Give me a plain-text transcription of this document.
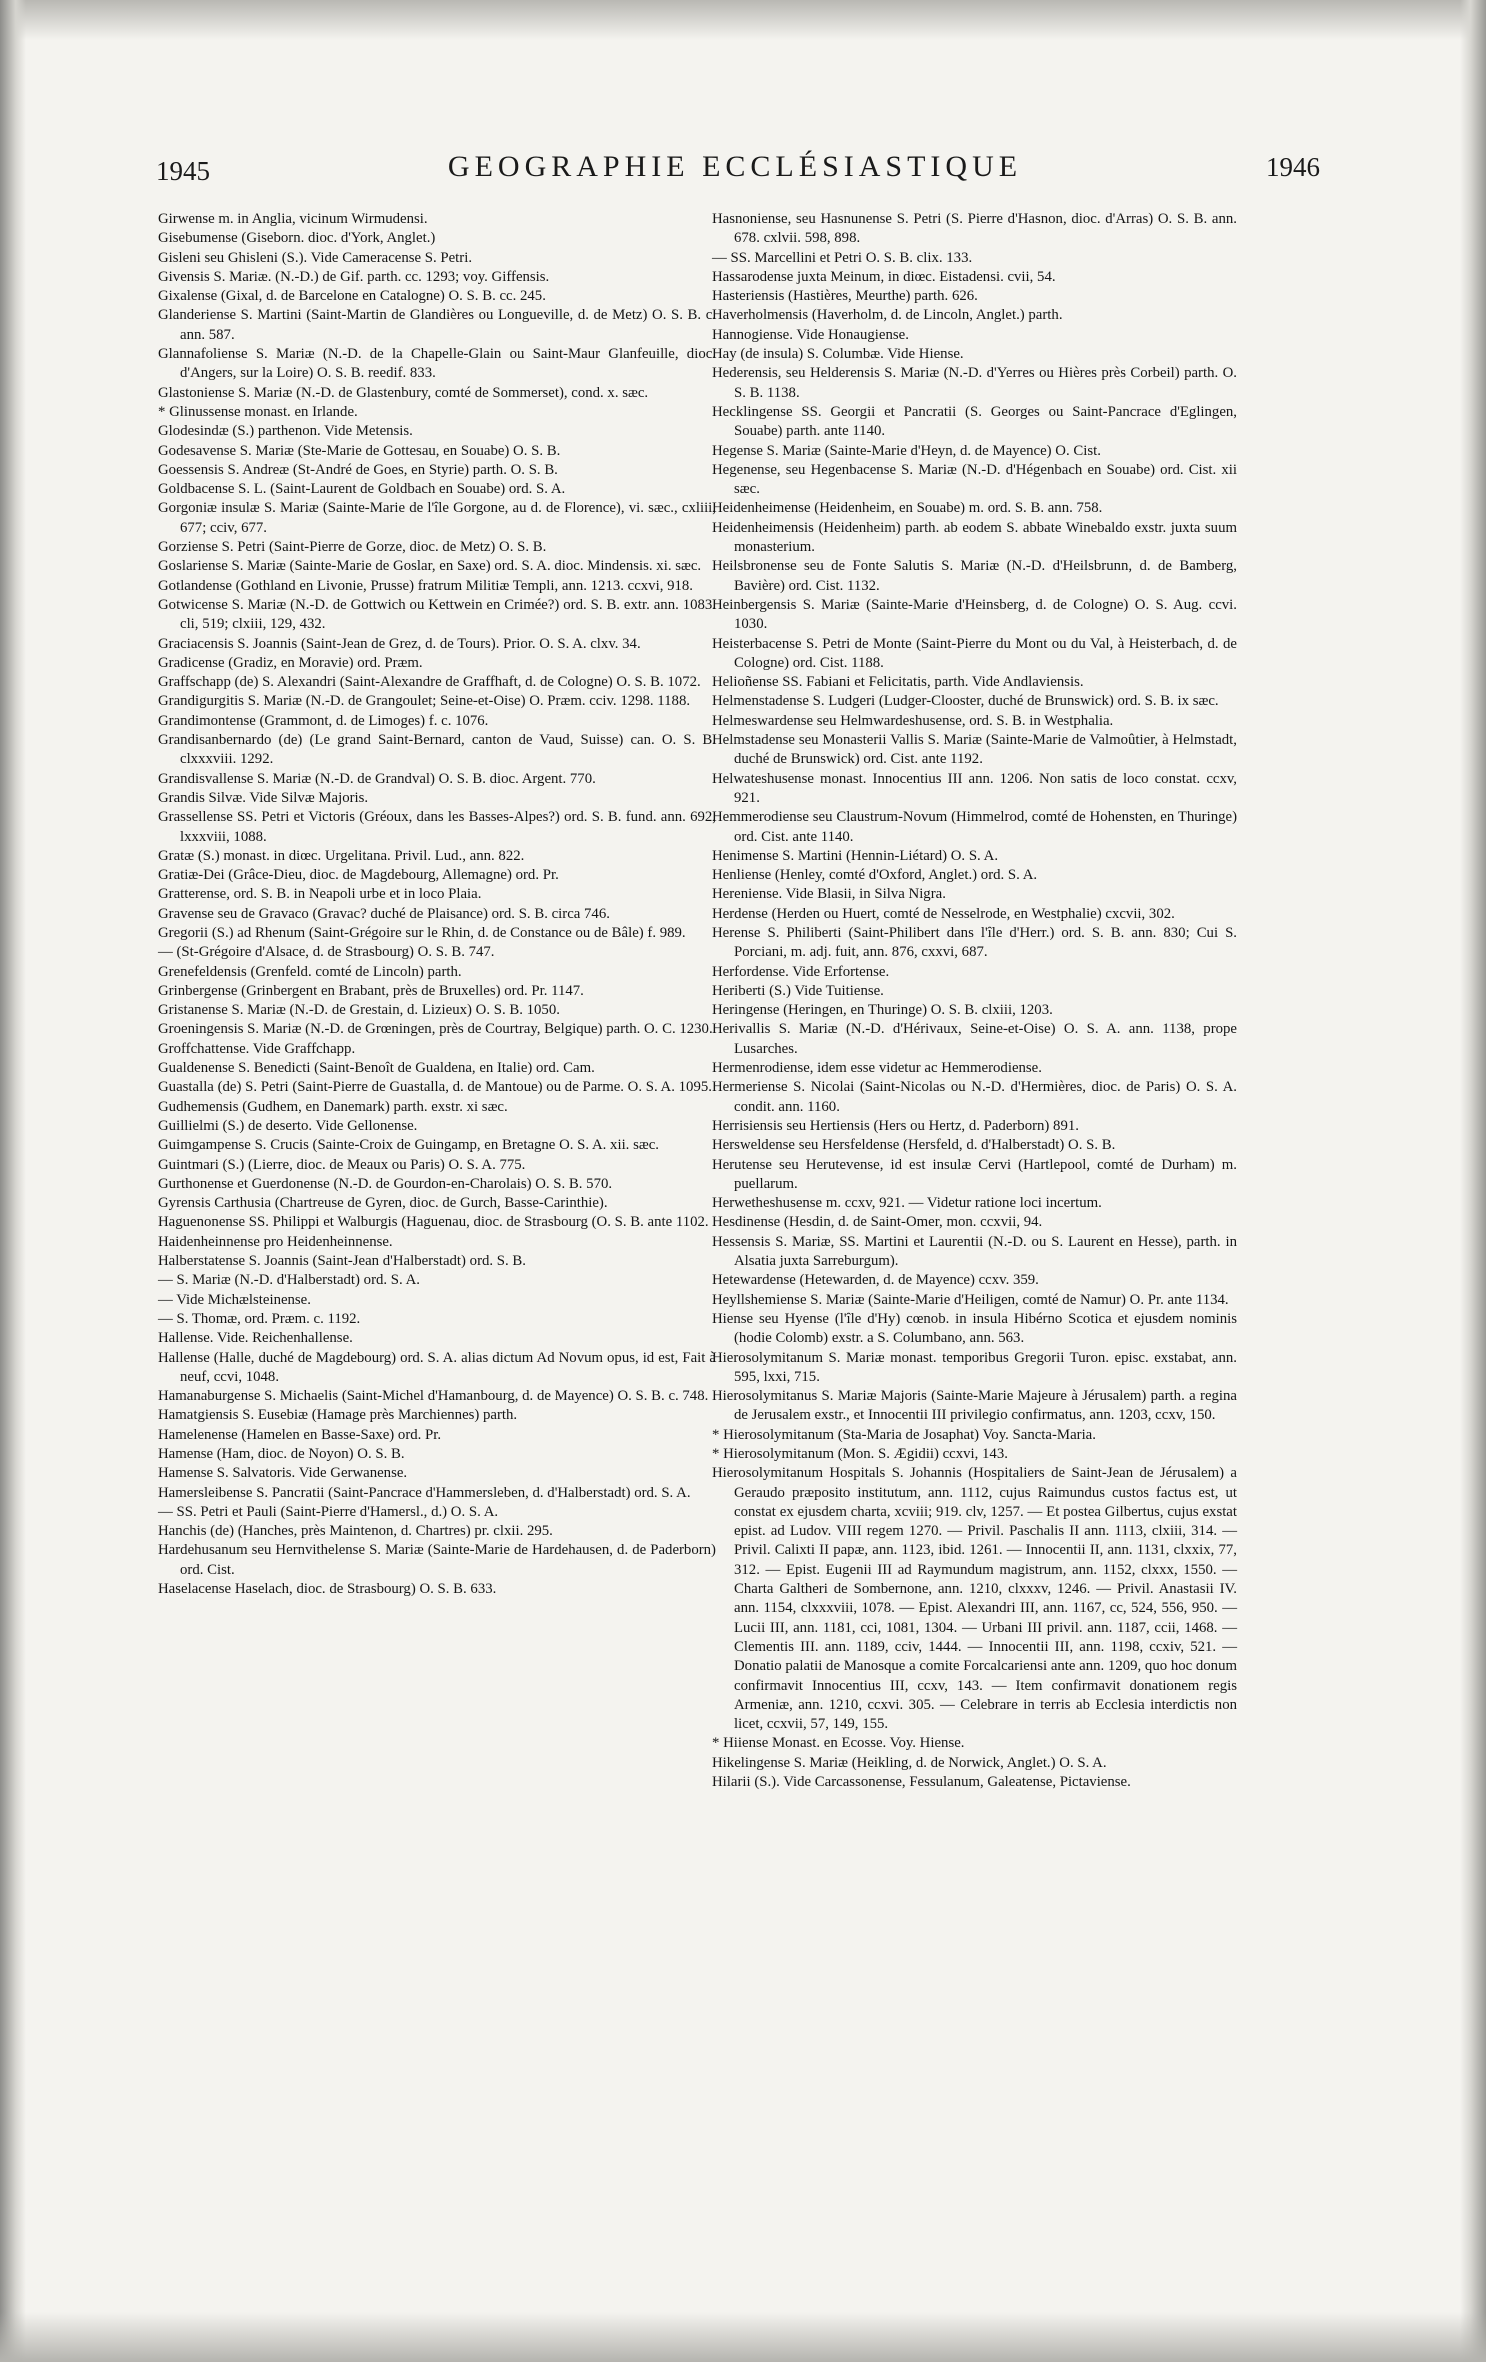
1945	GEOGRAPHIE ECCLÉSIASTIQUE	1946

Girwense m. in Anglia, vicinum Wirmudensi.

Gisebumense (Giseborn. dioc. d'York, Anglet.)

Gisleni seu Ghisleni (S.). Vide Cameracense S. Petri.

Givensis S. Mariæ. (N.-D.) de Gif. parth. cc. 1293; voy. Giffensis.

Gixalense (Gixal, d. de Barcelone en Catalogne) O. S. B. cc. 245.

Glanderiense S. Martini (Saint-Martin de Glandières ou Longueville, d. de Metz) O. S. B. c. ann. 587.

Glannafoliense S. Mariæ (N.-D. de la Chapelle-Glain ou Saint-Maur Glanfeuille, dioc. d'Angers, sur la Loire) O. S. B. reedif. 833.

Glastoniense S. Mariæ (N.-D. de Glastenbury, comté de Sommerset), cond. x. sæc.

* Glinussense monast. en Irlande.

Glodesindæ (S.) parthenon. Vide Metensis.

Godesavense S. Mariæ (Ste-Marie de Gottesau, en Souabe) O. S. B.

Goessensis S. Andreæ (St-André de Goes, en Styrie) parth. O. S. B.

Goldbacense S. L. (Saint-Laurent de Goldbach en Souabe) ord. S. A.

Gorgoniæ insulæ S. Mariæ (Sainte-Marie de l'île Gorgone, au d. de Florence), vi. sæc., cxliii, 677; cciv, 677.

Gorziense S. Petri (Saint-Pierre de Gorze, dioc. de Metz) O. S. B.

Goslariense S. Mariæ (Sainte-Marie de Goslar, en Saxe) ord. S. A. dioc. Mindensis. xi. sæc.

Gotlandense (Gothland en Livonie, Prusse) fratrum Militiæ Templi, ann. 1213. ccxvi, 918.

Gotwicense S. Mariæ (N.-D. de Gottwich ou Kettwein en Crimée?) ord. S. B. extr. ann. 1083. cli, 519; clxiii, 129, 432.

Graciacensis S. Joannis (Saint-Jean de Grez, d. de Tours). Prior. O. S. A. clxv. 34.

Gradicense (Gradiz, en Moravie) ord. Præm.

Graffschapp (de) S. Alexandri (Saint-Alexandre de Graffhaft, d. de Cologne) O. S. B. 1072.

Grandigurgitis S. Mariæ (N.-D. de Grangoulet; Seine-et-Oise) O. Præm. cciv. 1298. 1188.

Grandimontense (Grammont, d. de Limoges) f. c. 1076.

Grandisanbernardo (de) (Le grand Saint-Bernard, canton de Vaud, Suisse) can. O. S. B. clxxxviii. 1292.

Grandisvallense S. Mariæ (N.-D. de Grandval) O. S. B. dioc. Argent. 770.

Grandis Silvæ. Vide Silvæ Majoris.

Grassellense SS. Petri et Victoris (Gréoux, dans les Basses-Alpes?) ord. S. B. fund. ann. 692, lxxxviii, 1088.

Gratæ (S.) monast. in diœc. Urgelitana. Privil. Lud., ann. 822.

Gratiæ-Dei (Grâce-Dieu, dioc. de Magdebourg, Allemagne) ord. Pr.

Gratterense, ord. S. B. in Neapoli urbe et in loco Plaia.

Gravense seu de Gravaco (Gravac? duché de Plaisance) ord. S. B. circa 746.

Gregorii (S.) ad Rhenum (Saint-Grégoire sur le Rhin, d. de Constance ou de Bâle) f. 989.

— (St-Grégoire d'Alsace, d. de Strasbourg) O. S. B. 747.

Grenefeldensis (Grenfeld. comté de Lincoln) parth.

Grinbergense (Grinbergent en Brabant, près de Bruxelles) ord. Pr. 1147.

Gristanense S. Mariæ (N.-D. de Grestain, d. Lizieux) O. S. B. 1050.

Groeningensis S. Mariæ (N.-D. de Grœningen, près de Courtray, Belgique) parth. O. C. 1230.

Groffchattense. Vide Graffchapp.

Gualdenense S. Benedicti (Saint-Benoît de Gualdena, en Italie) ord. Cam.

Guastalla (de) S. Petri (Saint-Pierre de Guastalla, d. de Mantoue) ou de Parme. O. S. A. 1095.

Gudhemensis (Gudhem, en Danemark) parth. exstr. xi sæc.

Guillielmi (S.) de deserto. Vide Gellonense.

Guimgampense S. Crucis (Sainte-Croix de Guingamp, en Bretagne O. S. A. xii. sæc.

Guintmari (S.) (Lierre, dioc. de Meaux ou Paris) O. S. A. 775.

Gurthonense et Guerdonense (N.-D. de Gourdon-en-Charolais) O. S. B. 570.

Gyrensis Carthusia (Chartreuse de Gyren, dioc. de Gurch, Basse-Carinthie).

Haguenonense SS. Philippi et Walburgis (Haguenau, dioc. de Strasbourg (O. S. B. ante 1102.

Haidenheinnense pro Heidenheinnense.

Halberstatense S. Joannis (Saint-Jean d'Halberstadt) ord. S. B.

— S. Mariæ (N.-D. d'Halberstadt) ord. S. A.

— Vide Michælsteinense.

— S. Thomæ, ord. Præm. c. 1192.

Hallense. Vide. Reichenhallense.

Hallense (Halle, duché de Magdebourg) ord. S. A. alias dictum Ad Novum opus, id est, Fait à neuf, ccvi, 1048.

Hamanaburgense S. Michaelis (Saint-Michel d'Hamanbourg, d. de Mayence) O. S. B. c. 748.

Hamatgiensis S. Eusebiæ (Hamage près Marchiennes) parth.

Hamelenense (Hamelen en Basse-Saxe) ord. Pr.

Hamense (Ham, dioc. de Noyon) O. S. B.

Hamense S. Salvatoris. Vide Gerwanense.

Hamersleibense S. Pancratii (Saint-Pancrace d'Hammersleben, d. d'Halberstadt) ord. S. A.

— SS. Petri et Pauli (Saint-Pierre d'Hamersl., d.) O. S. A.

Hanchis (de) (Hanches, près Maintenon, d. Chartres) pr. clxii. 295.

Hardehusanum seu Hernvithelense S. Mariæ (Sainte-Marie de Hardehausen, d. de Paderborn) ord. Cist.

Haselacense Haselach, dioc. de Strasbourg) O. S. B. 633.

Hasnoniense, seu Hasnunense S. Petri (S. Pierre d'Hasnon, dioc. d'Arras) O. S. B. ann. 678. cxlvii. 598, 898.

— SS. Marcellini et Petri O. S. B. clix. 133.

Hassarodense juxta Meinum, in diœc. Eistadensi. cvii, 54.

Hasteriensis (Hastières, Meurthe) parth. 626.

Haverholmensis (Haverholm, d. de Lincoln, Anglet.) parth.

Hannogiense. Vide Honaugiense.

Hay (de insula) S. Columbæ. Vide Hiense.

Hederensis, seu Helderensis S. Mariæ (N.-D. d'Yerres ou Hières près Corbeil) parth. O. S. B. 1138.

Hecklingense SS. Georgii et Pancratii (S. Georges ou Saint-Pancrace d'Eglingen, Souabe) parth. ante 1140.

Hegense S. Mariæ (Sainte-Marie d'Heyn, d. de Mayence) O. Cist.

Hegenense, seu Hegenbacense S. Mariæ (N.-D. d'Hégenbach en Souabe) ord. Cist. xii sæc.

Heidenheimense (Heidenheim, en Souabe) m. ord. S. B. ann. 758.

Heidenheimensis (Heidenheim) parth. ab eodem S. abbate Winebaldo exstr. juxta suum monasterium.

Heilsbronense seu de Fonte Salutis S. Mariæ (N.-D. d'Heilsbrunn, d. de Bamberg, Bavière) ord. Cist. 1132.

Heinbergensis S. Mariæ (Sainte-Marie d'Heinsberg, d. de Cologne) O. S. Aug. ccvi. 1030.

Heisterbacense S. Petri de Monte (Saint-Pierre du Mont ou du Val, à Heisterbach, d. de Cologne) ord. Cist. 1188.

Helioñense SS. Fabiani et Felicitatis, parth. Vide Andlaviensis.

Helmenstadense S. Ludgeri (Ludger-Clooster, duché de Brunswick) ord. S. B. ix sæc.

Helmeswardense seu Helmwardeshusense, ord. S. B. in Westphalia.

Helmstadense seu Monasterii Vallis S. Mariæ (Sainte-Marie de Valmoûtier, à Helmstadt, duché de Brunswick) ord. Cist. ante 1192.

Helwateshusense monast. Innocentius III ann. 1206. Non satis de loco constat. ccxv, 921.

Hemmerodiense seu Claustrum-Novum (Himmelrod, comté de Hohensten, en Thuringe) ord. Cist. ante 1140.

Henimense S. Martini (Hennin-Liétard) O. S. A.

Henliense (Henley, comté d'Oxford, Anglet.) ord. S. A.

Hereniense. Vide Blasii, in Silva Nigra.

Herdense (Herden ou Huert, comté de Nesselrode, en Westphalie) cxcvii, 302.

Herense S. Philiberti (Saint-Philibert dans l'île d'Herr.) ord. S. B. ann. 830; Cui S. Porciani, m. adj. fuit, ann. 876, cxxvi, 687.

Herfordense. Vide Erfortense.

Heriberti (S.) Vide Tuitiense.

Heringense (Heringen, en Thuringe) O. S. B. clxiii, 1203.

Herivallis S. Mariæ (N.-D. d'Hérivaux, Seine-et-Oise) O. S. A. ann. 1138, prope Lusarches.

Hermenrodiense, idem esse videtur ac Hemmerodiense.

Hermeriense S. Nicolai (Saint-Nicolas ou N.-D. d'Hermières, dioc. de Paris) O. S. A. condit. ann. 1160.

Herrisiensis seu Hertiensis (Hers ou Hertz, d. Paderborn) 891.

Hersweldense seu Hersfeldense (Hersfeld, d. d'Halberstadt) O. S. B.

Herutense seu Herutevense, id est insulæ Cervi (Hartlepool, comté de Durham) m. puellarum.

Herwetheshusense m. ccxv, 921. — Videtur ratione loci incertum.

Hesdinense (Hesdin, d. de Saint-Omer, mon. ccxvii, 94.

Hessensis S. Mariæ, SS. Martini et Laurentii (N.-D. ou S. Laurent en Hesse), parth. in Alsatia juxta Sarreburgum).

Hetewardense (Hetewarden, d. de Mayence) ccxv. 359.

Heyllshemiense S. Mariæ (Sainte-Marie d'Heiligen, comté de Namur) O. Pr. ante 1134.

Hiense seu Hyense (l'île d'Hy) cœnob. in insula Hibérno Scotica et ejusdem nominis (hodie Colomb) exstr. a S. Columbano, ann. 563.

Hierosolymitanum S. Mariæ monast. temporibus Gregorii Turon. episc. exstabat, ann. 595, lxxi, 715.

Hierosolymitanus S. Mariæ Majoris (Sainte-Marie Majeure à Jérusalem) parth. a regina de Jerusalem exstr., et Innocentii III privilegio confirmatus, ann. 1203, ccxv, 150.

* Hierosolymitanum (Sta-Maria de Josaphat) Voy. Sancta-Maria.

* Hierosolymitanum (Mon. S. Ægidii) ccxvi, 143.

Hierosolymitanum Hospitals S. Johannis (Hospitaliers de Saint-Jean de Jérusalem) a Geraudo præposito institutum, ann. 1112, cujus Raimundus custos factus est, ut constat ex ejusdem charta, xcviii; 919. clv, 1257. — Et postea Gilbertus, cujus exstat epist. ad Ludov. VIII regem 1270. — Privil. Paschalis II ann. 1113, clxiii, 314. — Privil. Calixti II papæ, ann. 1123, ibid. 1261. — Innocentii II, ann. 1131, clxxix, 77, 312. — Epist. Eugenii III ad Raymundum magistrum, ann. 1152, clxxx, 1550. — Charta Galtheri de Sombernone, ann. 1210, clxxxv, 1246. — Privil. Anastasii IV. ann. 1154, clxxxviii, 1078. — Epist. Alexandri III, ann. 1167, cc, 524, 556, 950. — Lucii III, ann. 1181, cci, 1081, 1304. — Urbani III privil. ann. 1187, ccii, 1468. — Clementis III. ann. 1189, cciv, 1444. — Innocentii III, ann. 1198, ccxiv, 521. — Donatio palatii de Manosque a comite Forcalcariensi ante ann. 1209, quo hoc donum confirmavit Innocentius III, ccxv, 143. — Item confirmavit donationem regis Armeniæ, ann. 1210, ccxvi. 305. — Celebrare in terris ab Ecclesia interdictis non licet, ccxvii, 57, 149, 155.

* Hiiense Monast. en Ecosse. Voy. Hiense.

Hikelingense S. Mariæ (Heikling, d. de Norwick, Anglet.) O. S. A.

Hilarii (S.). Vide Carcassonense, Fessulanum, Galeatense, Pictaviense.
